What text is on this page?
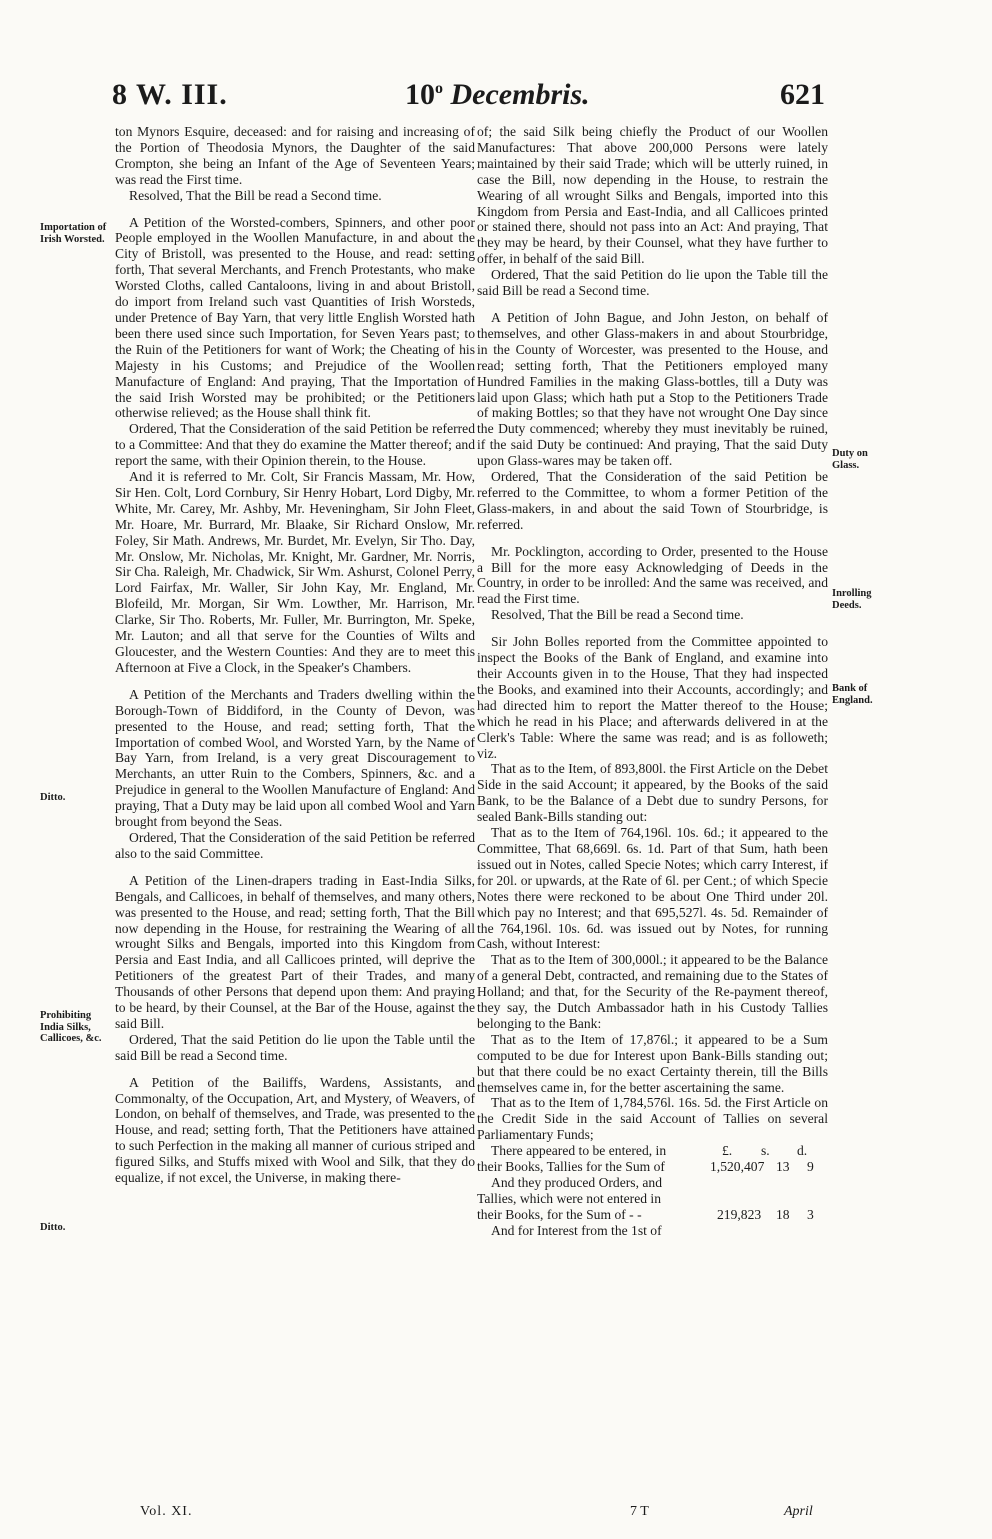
8 W. III.	10$^o$ Decembris.	621
Importation of Irish Worsted.
Ditto.
Prohibiting India Silks, Callicoes, &c.
Ditto.
Duty on Glass.
Inrolling Deeds.
Bank of England.

ton Mynors Esquire, deceased: and for raising and increasing of the Portion of Theodosia Mynors, the Daughter of the said Crompton, she being an Infant of the Age of Seventeen Years; was read the First time.

Resolved, That the Bill be read a Second time.

A Petition of the Worsted-combers, Spinners, and other poor People employed in the Woollen Manufacture, in and about the City of Bristoll, was presented to the House, and read: setting forth, That several Merchants, and French Protestants, who make Worsted Cloths, called Cantaloons, living in and about Bristoll, do import from Ireland such vast Quantities of Irish Worsteds, under Pretence of Bay Yarn, that very little English Worsted hath been there used since such Importation, for Seven Years past; to the Ruin of the Petitioners for want of Work; the Cheating of his Majesty in his Customs; and Prejudice of the Woollen Manufacture of England: And praying, That the Importation of the said Irish Worsted may be prohibited; or the Petitioners otherwise relieved; as the House shall think fit.

Ordered, That the Consideration of the said Petition be referred to a Committee: And that they do examine the Matter thereof; and report the same, with their Opinion therein, to the House.

And it is referred to Mr. Colt, Sir Francis Massam, Mr. How, Sir Hen. Colt, Lord Cornbury, Sir Henry Hobart, Lord Digby, Mr. White, Mr. Carey, Mr. Ashby, Mr. Heveningham, Sir John Fleet, Mr. Hoare, Mr. Burrard, Mr. Blaake, Sir Richard Onslow, Mr. Foley, Sir Math. Andrews, Mr. Burdet, Mr. Evelyn, Sir Tho. Day, Mr. Onslow, Mr. Nicholas, Mr. Knight, Mr. Gardner, Mr. Norris, Sir Cha. Raleigh, Mr. Chadwick, Sir Wm. Ashurst, Colonel Perry, Lord Fairfax, Mr. Waller, Sir John Kay, Mr. England, Mr. Blofeild, Mr. Morgan, Sir Wm. Lowther, Mr. Harrison, Mr. Clarke, Sir Tho. Roberts, Mr. Fuller, Mr. Burrington, Mr. Speke, Mr. Lauton; and all that serve for the Counties of Wilts and Gloucester, and the Western Counties: And they are to meet this Afternoon at Five a Clock, in the Speaker's Chambers.

A Petition of the Merchants and Traders dwelling within the Borough-Town of Biddiford, in the County of Devon, was presented to the House, and read; setting forth, That the Importation of combed Wool, and Worsted Yarn, by the Name of Bay Yarn, from Ireland, is a very great Discouragement to Merchants, an utter Ruin to the Combers, Spinners, &c. and a Prejudice in general to the Woollen Manufacture of England: And praying, That a Duty may be laid upon all combed Wool and Yarn brought from beyond the Seas.

Ordered, That the Consideration of the said Petition be referred also to the said Committee.

A Petition of the Linen-drapers trading in East-India Silks, Bengals, and Callicoes, in behalf of themselves, and many others, was presented to the House, and read; setting forth, That the Bill now depending in the House, for restraining the Wearing of all wrought Silks and Bengals, imported into this Kingdom from Persia and East India, and all Callicoes printed, will deprive the Petitioners of the greatest Part of their Trades, and many Thousands of other Persons that depend upon them: And praying to be heard, by their Counsel, at the Bar of the House, against the said Bill.

Ordered, That the said Petition do lie upon the Table until the said Bill be read a Second time.

A Petition of the Bailiffs, Wardens, Assistants, and Commonalty, of the Occupation, Art, and Mystery, of Weavers, of London, on behalf of themselves, and Trade, was presented to the House, and read; setting forth, That the Petitioners have attained to such Perfection in the making all manner of curious striped and figured Silks, and Stuffs mixed with Wool and Silk, that they do equalize, if not excel, the Universe, in making there-

of; the said Silk being chiefly the Product of our Woollen Manufactures: That above 200,000 Persons were lately maintained by their said Trade; which will be utterly ruined, in case the Bill, now depending in the House, to restrain the Wearing of all wrought Silks and Bengals, imported into this Kingdom from Persia and East-India, and all Callicoes printed or stained there, should not pass into an Act: And praying, That they may be heard, by their Counsel, what they have further to offer, in behalf of the said Bill.

Ordered, That the said Petition do lie upon the Table till the said Bill be read a Second time.

A Petition of John Bague, and John Jeston, on behalf of themselves, and other Glass-makers in and about Stourbridge, in the County of Worcester, was presented to the House, and read; setting forth, That the Petitioners employed many Hundred Families in the making Glass-bottles, till a Duty was laid upon Glass; which hath put a Stop to the Petitioners Trade of making Bottles; so that they have not wrought One Day since the Duty commenced; whereby they must inevitably be ruined, if the said Duty be continued: And praying, That the said Duty upon Glass-wares may be taken off.

Ordered, That the Consideration of the said Petition be referred to the Committee, to whom a former Petition of the Glass-makers, in and about the said Town of Stourbridge, is referred.

Mr. Pocklington, according to Order, presented to the House a Bill for the more easy Acknowledging of Deeds in the Country, in order to be inrolled: And the same was received, and read the First time.

Resolved, That the Bill be read a Second time.

Sir John Bolles reported from the Committee appointed to inspect the Books of the Bank of England, and examine into their Accounts given in to the House, That they had inspected the Books, and examined into their Accounts, accordingly; and had directed him to report the Matter thereof to the House; which he read in his Place; and afterwards delivered in at the Clerk's Table: Where the same was read; and is as followeth; viz.

That as to the Item, of 893,800l. the First Article on the Debet Side in the said Account; it appeared, by the Books of the said Bank, to be the Balance of a Debt due to sundry Persons, for sealed Bank-Bills standing out:

That as to the Item of 764,196l. 10s. 6d.; it appeared to the Committee, That 68,669l. 6s. 1d. Part of that Sum, hath been issued out in Notes, called Specie Notes; which carry Interest, if for 20l. or upwards, at the Rate of 6l. per Cent.; of which Specie Notes there were reckoned to be about One Third under 20l. which pay no Interest; and that 695,527l. 4s. 5d. Remainder of the 764,196l. 10s. 6d. was issued out by Notes, for running Cash, without Interest:

That as to the Item of 300,000l.; it appeared to be the Balance of a general Debt, contracted, and remaining due to the States of Holland; and that, for the Security of the Re-payment thereof, they say, the Dutch Ambassador hath in his Custody Tallies belonging to the Bank:

That as to the Item of 17,876l.; it appeared to be a Sum computed to be due for Interest upon Bank-Bills standing out; but that there could be no exact Certainty therein, till the Bills themselves came in, for the better ascertaining the same.

That as to the Item of 1,784,576l. 16s. 5d. the First Article on the Credit Side in the said Account of Tallies on several Parliamentary Funds;

There appeared to be entered, in	£. s. d.
their Books, Tallies for the Sum of	1,520,407 13 9
And they produced Orders, and
Tallies, which were not entered in
their Books, for the Sum of - -	219,823 18 3
And for Interest from the 1st of
Vol. XI.	7 T	April
